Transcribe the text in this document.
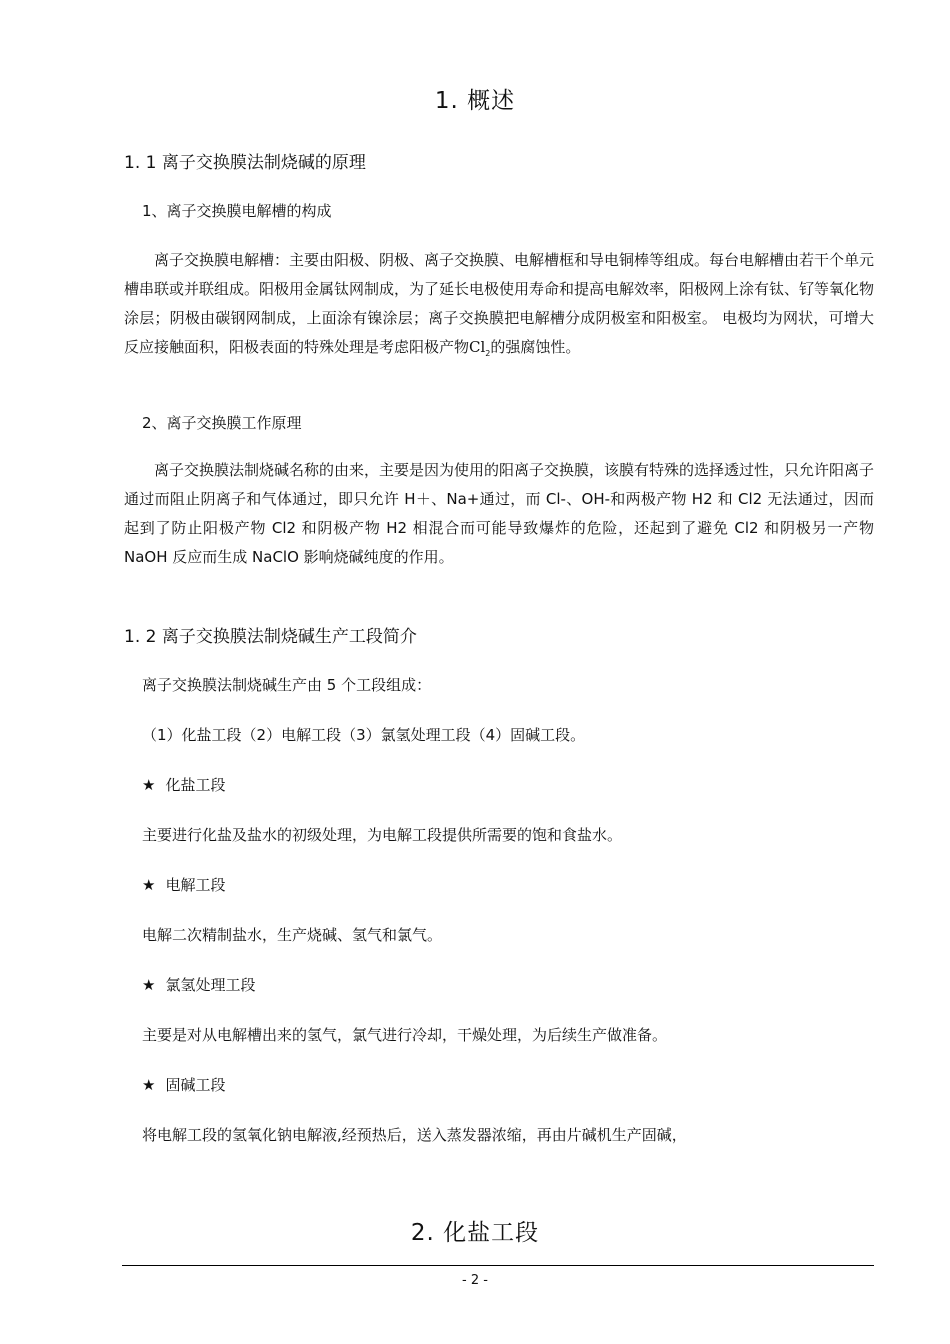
1. 概述
1. 1 离子交换膜法制烧碱的原理
1、离子交换膜电解槽的构成
离子交换膜电解槽：主要由阳极、阴极、离子交换膜、电解槽框和导电铜棒等组成。每台电解槽由若干个单元槽串联或并联组成。阳极用金属钛网制成，为了延长电极使用寿命和提高电解效率，阳极网上涂有钛、钌等氧化物涂层；阴极由碳钢网制成，上面涂有镍涂层；离子交换膜把电解槽分成阴极室和阳极室。 电极均为网状，可增大反应接触面积，阳极表面的特殊处理是考虑阳极产物$Cl_2$的强腐蚀性。
2、离子交换膜工作原理
离子交换膜法制烧碱名称的由来，主要是因为使用的阳离子交换膜，该膜有特殊的选择透过性，只允许阳离子通过而阻止阴离子和气体通过，即只允许 H＋、Na+通过，而 Cl-、OH-和两极产物 H2 和 Cl2 无法通过，因而起到了防止阳极产物 Cl2 和阴极产物 H2 相混合而可能导致爆炸的危险，还起到了避免 Cl2 和阴极另一产物 NaOH 反应而生成 NaClO 影响烧碱纯度的作用。
1. 2 离子交换膜法制烧碱生产工段简介
离子交换膜法制烧碱生产由 5 个工段组成：
（1）化盐工段（2）电解工段（3）氯氢处理工段（4）固碱工段。
★ 化盐工段
主要进行化盐及盐水的初级处理，为电解工段提供所需要的饱和食盐水。
★ 电解工段
电解二次精制盐水，生产烧碱、氢气和氯气。
★ 氯氢处理工段
主要是对从电解槽出来的氢气，氯气进行冷却，干燥处理，为后续生产做准备。
★ 固碱工段
将电解工段的氢氧化钠电解液,经预热后，送入蒸发器浓缩，再由片碱机生产固碱，
2. 化盐工段
- 2 -
